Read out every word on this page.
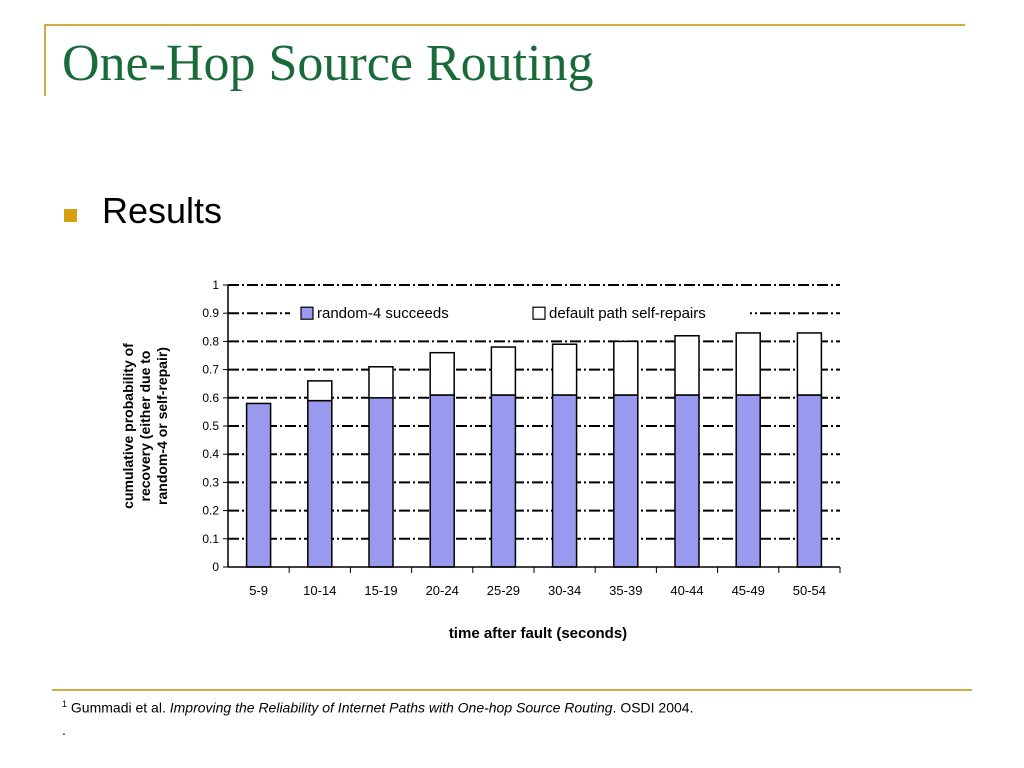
One-Hop Source Routing
Results
0
0.1
0.2
0.3
0.4
0.5
0.6
0.7
0.8
0.9
1
5-9	10-14 15-19 20-24 25-29 30-34 35-39 40-44 45-49 50-54
random-4 succeeds	default path self-repairs
time after fault (seconds)
cumulative probability of recovery (either due to random-4 or self-repair)
$^1$ Gummadi et al. Improving the Reliability of Internet Paths with One-hop Source Routing. OSDI 2004.
.
